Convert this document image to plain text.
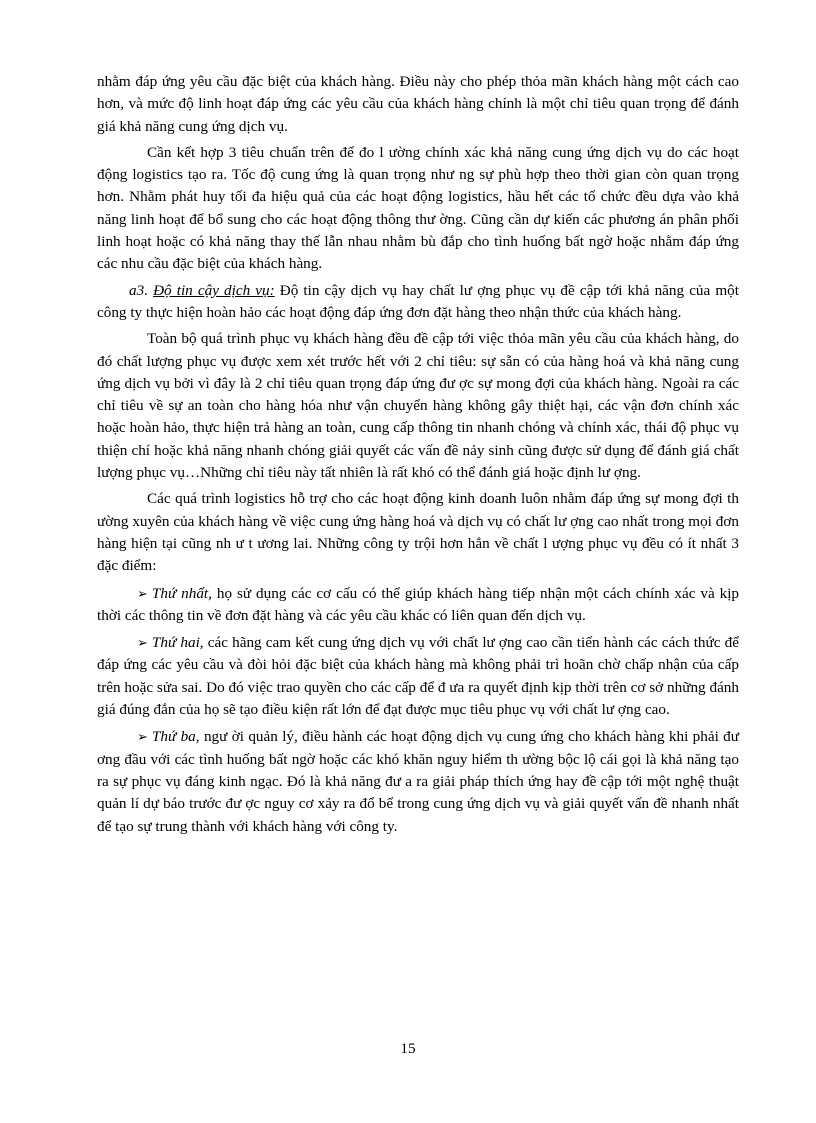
nhằm đáp ứng yêu cầu đặc biệt của khách hàng. Điều này cho phép thỏa mãn khách hàng một cách cao hơn, và mức độ linh hoạt đáp ứng các yêu cầu của khách hàng chính là một chỉ tiêu quan trọng để đánh giá khả năng cung ứng dịch vụ.

Cần kết hợp 3 tiêu chuẩn trên để đo l ường chính xác khả năng cung ứng dịch vụ do các hoạt động logistics tạo ra. Tốc độ cung ứng là quan trọng như ng sự phù hợp theo thời gian còn quan trọng hơn. Nhằm phát huy tối đa hiệu quả của các hoạt động logistics, hầu hết các tổ chức đều dựa vào khả năng linh hoạt để bổ sung cho các hoạt động thông thư ờng. Cũng cần dự kiến các phương án phân phối linh hoạt hoặc có khả năng thay thế lẫn nhau nhằm bù đắp cho tình huống bất ngờ hoặc nhằm đáp ứng các nhu cầu đặc biệt của khách hàng.

a3. Độ tin cậy dịch vụ: Độ tin cậy dịch vụ hay chất lư ợng phục vụ đề cập tới khả năng của một công ty thực hiện hoàn hảo các hoạt động đáp ứng đơn đặt hàng theo nhận thức của khách hàng.

Toàn bộ quá trình phục vụ khách hàng đều đề cập tới việc thỏa mãn yêu cầu của khách hàng, do đó chất lượng phục vụ được xem xét trước hết với 2 chỉ tiêu: sự sẵn có của hàng hoá và khả năng cung ứng dịch vụ bởi vì đây là 2 chỉ tiêu quan trọng đáp ứng đư ợc sự mong đợi của khách hàng. Ngoài ra các chỉ tiêu về sự an toàn cho hàng hóa như vận chuyển hàng không gây thiệt hại, các vận đơn chính xác hoặc hoàn hảo, thực hiện trả hàng an toàn, cung cấp thông tin nhanh chóng và chính xác, thái độ phục vụ thiện chí hoặc khả năng nhanh chóng giải quyết các vấn đề nảy sinh cũng được sử dụng để đánh giá chất lượng phục vụ…Những chỉ tiêu này tất nhiên là rất khó có thể đánh giá hoặc định lư ợng.

Các quá trình logistics hỗ trợ cho các hoạt động kinh doanh luôn nhằm đáp ứng sự mong đợi th ường xuyên của khách hàng về việc cung ứng hàng hoá và dịch vụ có chất lư ợng cao nhất trong mọi đơn hàng hiện tại cũng nh ư t ương lai. Những công ty trội hơn hẳn về chất l ượng phục vụ đều có ít nhất 3 đặc điểm:

➢ Thứ nhất, họ sử dụng các cơ cấu có thể giúp khách hàng tiếp nhận một cách chính xác và kịp thời các thông tin về đơn đặt hàng và các yêu cầu khác có liên quan đến dịch vụ.

➢ Thứ hai, các hãng cam kết cung ứng dịch vụ với chất lư ợng cao cần tiến hành các cách thức để đáp ứng các yêu cầu và đòi hỏi đặc biệt của khách hàng mà không phải trì hoãn chờ chấp nhận của cấp trên hoặc sửa sai. Do đó việc trao quyền cho các cấp để đ ưa ra quyết định kịp thời trên cơ sở những đánh giá đúng đắn của họ sẽ tạo điều kiện rất lớn để đạt được mục tiêu phục vụ với chất lư ợng cao.

➢ Thứ ba, ngư ời quản lý, điều hành các hoạt động dịch vụ cung ứng cho khách hàng khi phải đư ơng đầu với các tình huống bất ngờ hoặc các khó khăn nguy hiểm th ường bộc lộ cái gọi là khả năng tạo ra sự phục vụ đáng kinh ngạc. Đó là khả năng đư a ra giải pháp thích ứng hay đề cập tới một nghệ thuật quản lí dự báo trước đư ợc nguy cơ xảy ra đổ bể trong cung ứng dịch vụ và giải quyết vấn đề nhanh nhất để tạo sự trung thành với khách hàng với công ty.

15
